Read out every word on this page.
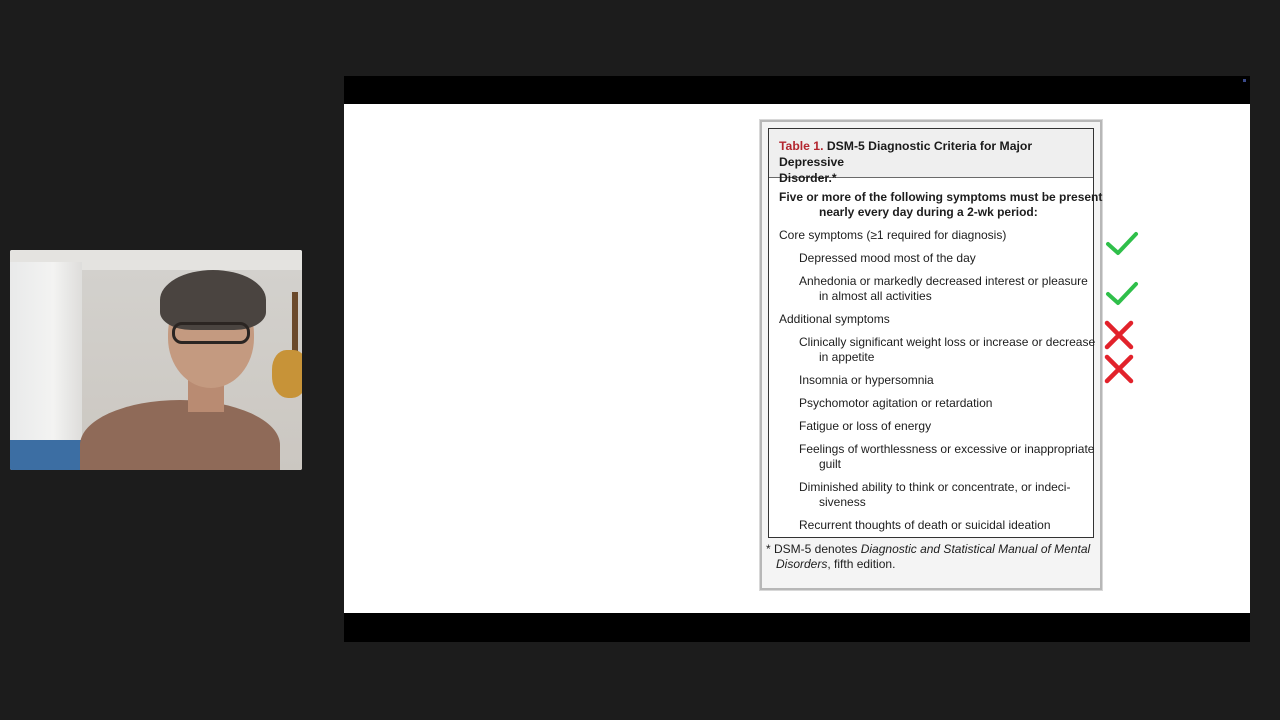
Table 1. DSM-5 Diagnostic Criteria for Major Depressive
Disorder.*
Five or more of the following symptoms must be present
nearly every day during a 2-wk period:
Core symptoms (≥1 required for diagnosis)
Depressed mood most of the day
Anhedonia or markedly decreased interest or pleasure
in almost all activities
Additional symptoms
Clinically significant weight loss or increase or decrease
in appetite
Insomnia or hypersomnia
Psychomotor agitation or retardation
Fatigue or loss of energy
Feelings of worthlessness or excessive or inappropriate
guilt
Diminished ability to think or concentrate, or indeci-
siveness
Recurrent thoughts of death or suicidal ideation
* DSM-5 denotes Diagnostic and Statistical Manual of Mental
Disorders, fifth edition.
